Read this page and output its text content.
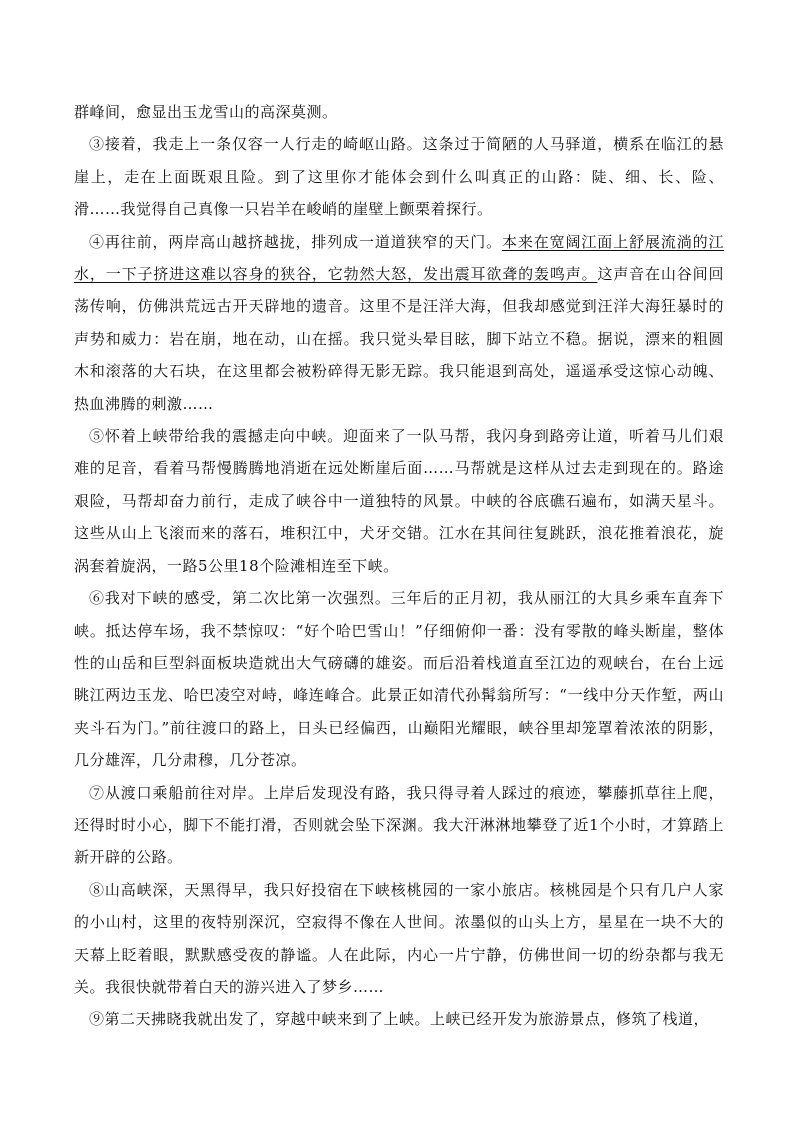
群峰间，愈显出玉龙雪山的高深莫测。

③接着，我走上一条仅容一人行走的崎岖山路。这条过于简陋的人马驿道，横系在临江的悬崖上，走在上面既艰且险。到了这里你才能体会到什么叫真正的山路：陡、细、长、险、滑……我觉得自己真像一只岩羊在峻峭的崖壁上颤栗着探行。

④再往前，两岸高山越挤越拢，排列成一道道狭窄的天门。本来在宽阔江面上舒展流淌的江水，一下子挤进这难以容身的狭谷，它勃然大怒，发出震耳欲聋的轰鸣声。这声音在山谷间回荡传响，仿佛洪荒远古开天辟地的遗音。这里不是汪洋大海，但我却感觉到汪洋大海狂暴时的声势和威力：岩在崩，地在动，山在摇。我只觉头晕目眩，脚下站立不稳。据说，漂来的粗圆木和滚落的大石块，在这里都会被粉碎得无影无踪。我只能退到高处，遥遥承受这惊心动魄、热血沸腾的刺激……

⑤怀着上峡带给我的震撼走向中峡。迎面来了一队马帮，我闪身到路旁让道，听着马儿们艰难的足音，看着马帮慢腾腾地消逝在远处断崖后面……马帮就是这样从过去走到现在的。路途艰险，马帮却奋力前行，走成了峡谷中一道独特的风景。中峡的谷底礁石遍布，如满天星斗。这些从山上飞滚而来的落石，堆积江中，犬牙交错。江水在其间往复跳跃，浪花推着浪花，旋涡套着旋涡，一路5公里18个险滩相连至下峡。

⑥我对下峡的感受，第二次比第一次强烈。三年后的正月初，我从丽江的大具乡乘车直奔下峡。抵达停车场，我不禁惊叹：“好个哈巴雪山！”仔细俯仰一番：没有零散的峰头断崖，整体性的山岳和巨型斜面板块造就出大气磅礴的雄姿。而后沿着栈道直至江边的观峡台，在台上远眺江两边玉龙、哈巴凌空对峙，峰连峰合。此景正如清代孙髯翁所写：“一线中分天作堑，两山夹斗石为门。”前往渡口的路上，日头已经偏西，山巅阳光耀眼，峡谷里却笼罩着浓浓的阴影，几分雄浑，几分肃穆，几分苍凉。

⑦从渡口乘船前往对岸。上岸后发现没有路，我只得寻着人踩过的痕迹，攀藤抓草往上爬，还得时时小心，脚下不能打滑，否则就会坠下深渊。我大汗淋淋地攀登了近1个小时，才算踏上新开辟的公路。

⑧山高峡深，天黑得早，我只好投宿在下峡核桃园的一家小旅店。核桃园是个只有几户人家的小山村，这里的夜特别深沉，空寂得不像在人世间。浓墨似的山头上方，星星在一块不大的天幕上眨着眼，默默感受夜的静谧。人在此际，内心一片宁静，仿佛世间一切的纷杂都与我无关。我很快就带着白天的游兴进入了梦乡……

⑨第二天拂晓我就出发了，穿越中峡来到了上峡。上峡已经开发为旅游景点，修筑了栈道，
